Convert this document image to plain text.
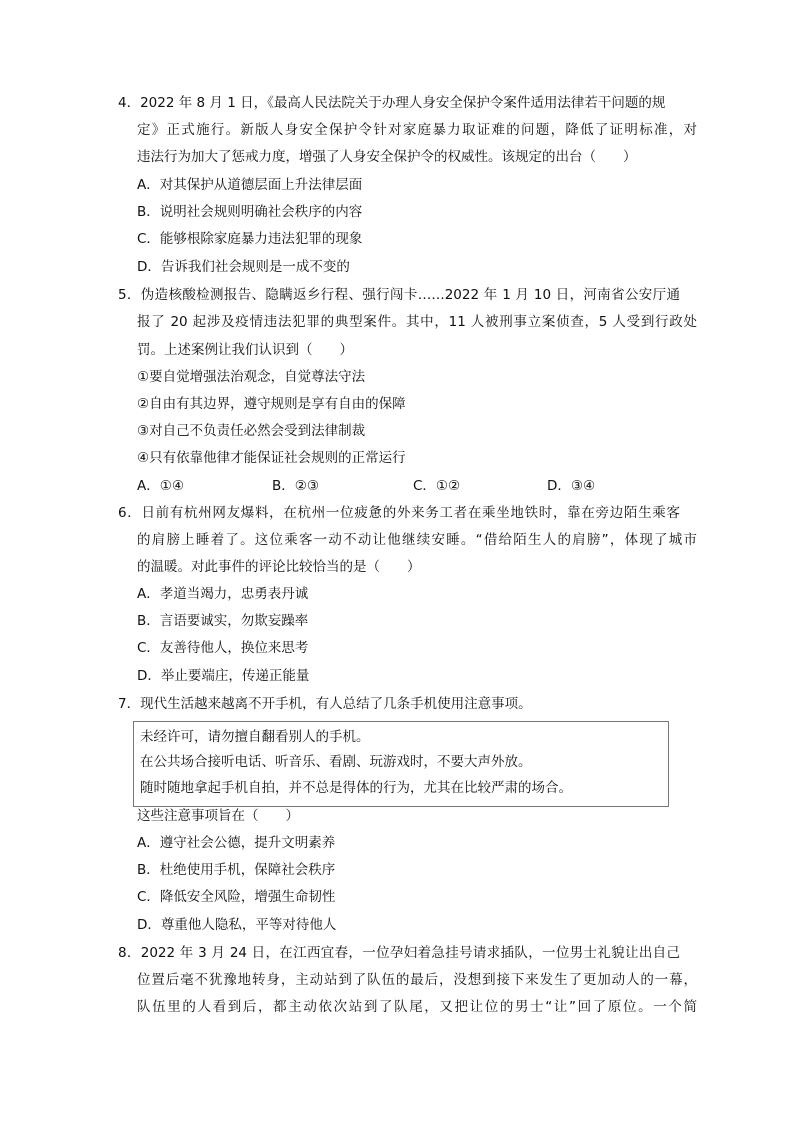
4．2022 年 8 月 1 日，《最高人民法院关于办理人身安全保护令案件适用法律若干问题的规
定》正式施行。新版人身安全保护令针对家庭暴力取证难的问题，降低了证明标准，对
违法行为加大了惩戒力度，增强了人身安全保护令的权威性。该规定的出台（　　）
A．对其保护从道德层面上升法律层面
B．说明社会规则明确社会秩序的内容
C．能够根除家庭暴力违法犯罪的现象
D．告诉我们社会规则是一成不变的
5．伪造核酸检测报告、隐瞒返乡行程、强行闯卡……2022 年 1 月 10 日，河南省公安厅通
报了 20 起涉及疫情违法犯罪的典型案件。其中，11 人被刑事立案侦查，5 人受到行政处
罚。上述案例让我们认识到（　　）
①要自觉增强法治观念，自觉尊法守法
②自由有其边界，遵守规则是享有自由的保障
③对自己不负责任必然会受到法律制裁
④只有依靠他律才能保证社会规则的正常运行
A．①④	B．②③	C．①②	D．③④
6．日前有杭州网友爆料，在杭州一位疲惫的外来务工者在乘坐地铁时，靠在旁边陌生乘客
的肩膀上睡着了。这位乘客一动不动让他继续安睡。“借给陌生人的肩膀”，体现了城市
的温暖。对此事件的评论比较恰当的是（　　）
A．孝道当竭力，忠勇表丹诚
B．言语要诚实，勿欺妄躁率
C．友善待他人，换位来思考
D．举止要端庄，传递正能量
7．现代生活越来越离不开手机，有人总结了几条手机使用注意事项。
未经许可，请勿擅自翻看别人的手机。
在公共场合接听电话、听音乐、看剧、玩游戏时，不要大声外放。
随时随地拿起手机自拍，并不总是得体的行为，尤其在比较严肃的场合。
这些注意事项旨在（　　）
A．遵守社会公德，提升文明素养
B．杜绝使用手机，保障社会秩序
C．降低安全风险，增强生命韧性
D．尊重他人隐私，平等对待他人
8．2022 年 3 月 24 日，在江西宜春，一位孕妇着急挂号请求插队，一位男士礼貌让出自己
位置后毫不犹豫地转身，主动站到了队伍的最后，没想到接下来发生了更加动人的一幕，
队伍里的人看到后，都主动依次站到了队尾，又把让位的男士“让”回了原位。一个简
